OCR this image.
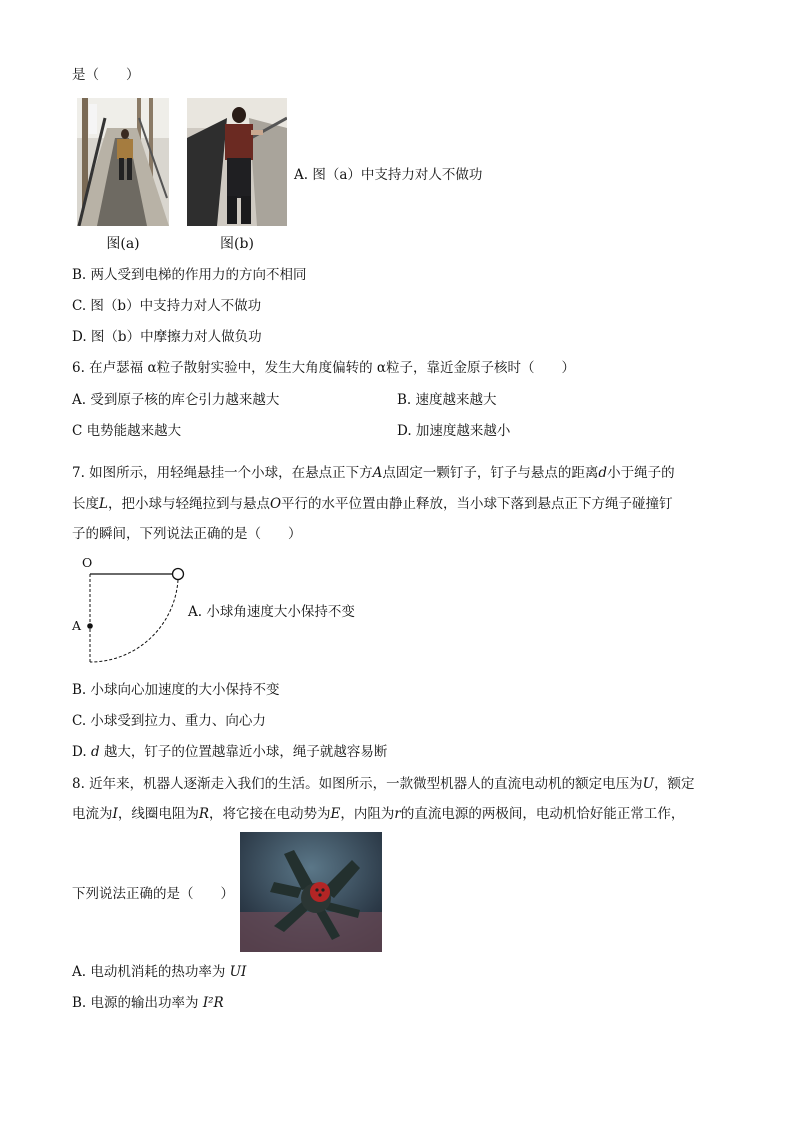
是（　　）
图(a)	图(b)
A. 图（a）中支持力对人不做功
B. 两人受到电梯的作用力的方向不相同
C. 图（b）中支持力对人不做功
D. 图（b）中摩擦力对人做负功
6. 在卢瑟福 α粒子散射实验中，发生大角度偏转的 α粒子，靠近金原子核时（　　）
A. 受到原子核的库仑引力越来越大	B. 速度越来越大
C 电势能越来越大	D. 加速度越来越小
7. 如图所示，用轻绳悬挂一个小球，在悬点正下方A点固定一颗钉子，钉子与悬点的距离d小于绳子的
长度L，把小球与轻绳拉到与悬点O平行的水平位置由静止释放，当小球下落到悬点正下方绳子碰撞钉
子的瞬间，下列说法正确的是（　　）
O
A
A. 小球角速度大小保持不变
B. 小球向心加速度的大小保持不变
C. 小球受到拉力、重力、向心力
D. d 越大，钉子的位置越靠近小球，绳子就越容易断
8. 近年来，机器人逐渐走入我们的生活。如图所示，一款微型机器人的直流电动机的额定电压为U，额定
电流为I，线圈电阻为R，将它接在电动势为E，内阻为r的直流电源的两极间，电动机恰好能正常工作，
下列说法正确的是（　　）
A. 电动机消耗的热功率为 UI
B. 电源的输出功率为 I²R
